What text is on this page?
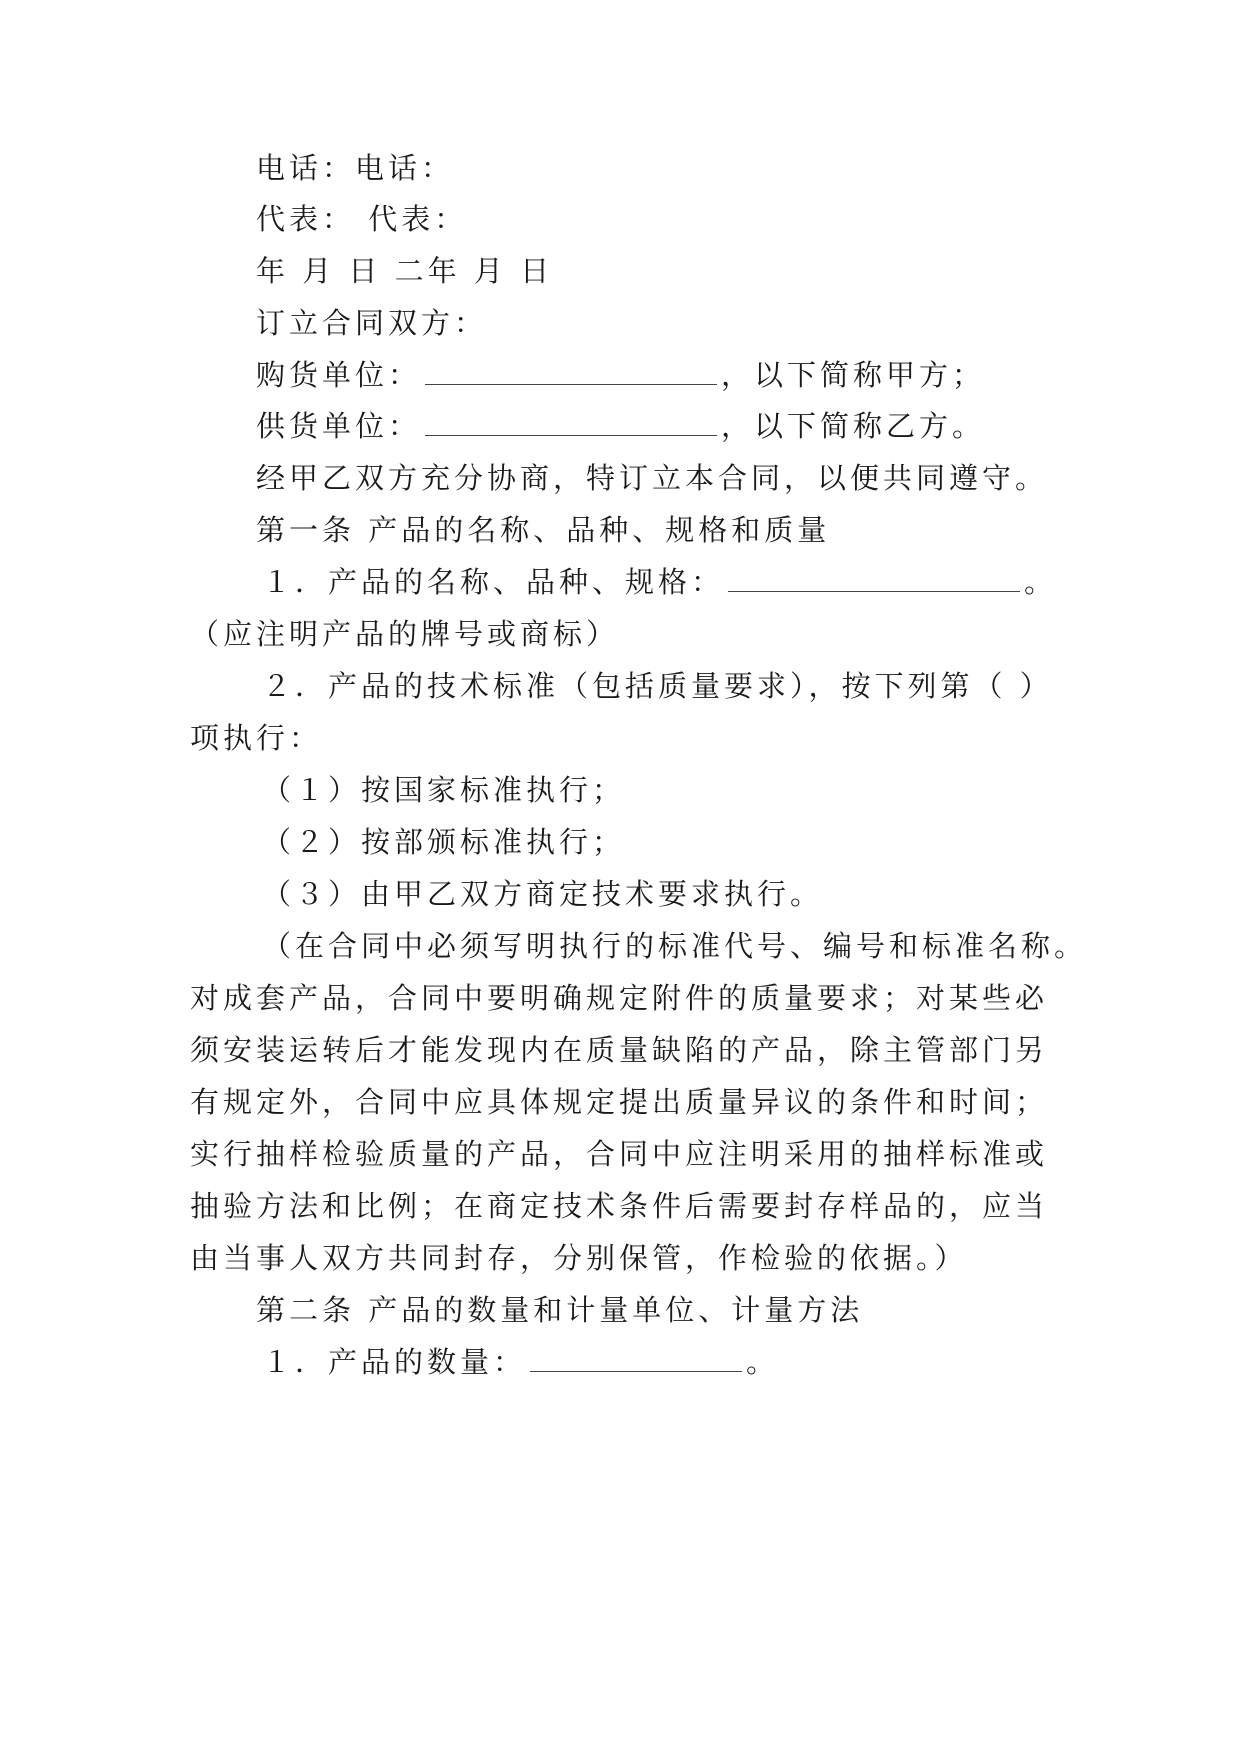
电话：电话：
代表： 代表：
年 月 日 二年 月 日
订立合同双方：
购货单位：	，以下简称甲方；
供货单位：	，以下简称乙方。
经甲乙双方充分协商，特订立本合同，以便共同遵守。
第一条 产品的名称、品种、规格和质量
１．产品的名称、品种、规格：	。
（应注明产品的牌号或商标）
２．产品的技术标准（包括质量要求），按下列第（ ）
项执行：
（１）按国家标准执行；
（２）按部颁标准执行；
（３）由甲乙双方商定技术要求执行。
（在合同中必须写明执行的标准代号、编号和标准名称。
对成套产品，合同中要明确规定附件的质量要求；对某些必
须安装运转后才能发现内在质量缺陷的产品，除主管部门另
有规定外，合同中应具体规定提出质量异议的条件和时间；
实行抽样检验质量的产品，合同中应注明采用的抽样标准或
抽验方法和比例；在商定技术条件后需要封存样品的，应当
由当事人双方共同封存，分别保管，作检验的依据。）
第二条 产品的数量和计量单位、计量方法
１．产品的数量：	。
